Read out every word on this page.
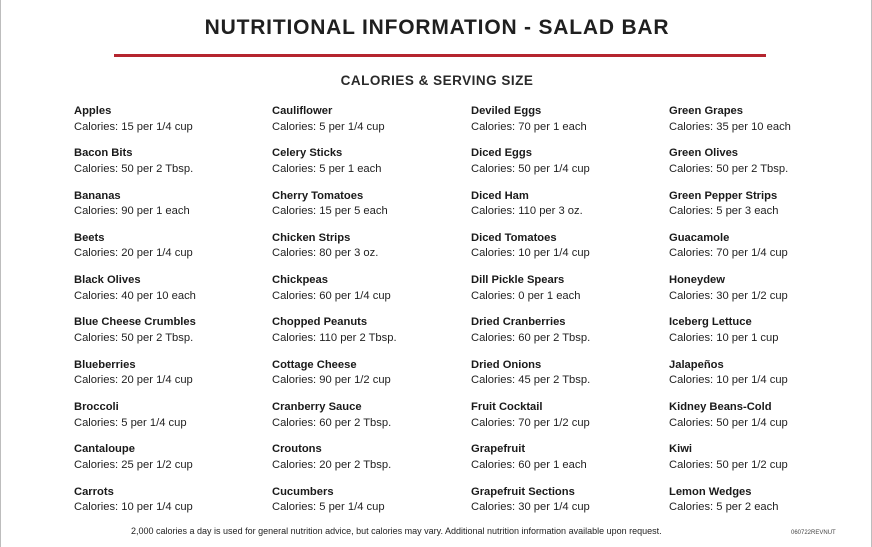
NUTRITIONAL INFORMATION - SALAD BAR
CALORIES & SERVING SIZE
Apples
Calories: 15 per 1/4 cup
Cauliflower
Calories: 5 per 1/4 cup
Deviled Eggs
Calories: 70 per 1 each
Green Grapes
Calories: 35 per 10 each
Bacon Bits
Calories: 50 per 2 Tbsp.
Celery Sticks
Calories: 5 per 1 each
Diced Eggs
Calories: 50 per 1/4 cup
Green Olives
Calories: 50 per 2 Tbsp.
Bananas
Calories: 90 per 1 each
Cherry Tomatoes
Calories: 15 per 5 each
Diced Ham
Calories: 110 per 3 oz.
Green Pepper Strips
Calories: 5 per 3 each
Beets
Calories: 20 per 1/4 cup
Chicken Strips
Calories: 80 per 3 oz.
Diced Tomatoes
Calories: 10 per 1/4 cup
Guacamole
Calories: 70 per 1/4 cup
Black Olives
Calories: 40 per 10 each
Chickpeas
Calories: 60 per 1/4 cup
Dill Pickle Spears
Calories: 0 per 1 each
Honeydew
Calories: 30 per 1/2 cup
Blue Cheese Crumbles
Calories: 50 per 2 Tbsp.
Chopped Peanuts
Calories: 110 per 2 Tbsp.
Dried Cranberries
Calories: 60 per 2 Tbsp.
Iceberg Lettuce
Calories: 10 per 1 cup
Blueberries
Calories: 20 per 1/4 cup
Cottage Cheese
Calories: 90 per 1/2 cup
Dried Onions
Calories: 45 per 2 Tbsp.
Jalapeños
Calories: 10 per 1/4 cup
Broccoli
Calories: 5 per 1/4 cup
Cranberry Sauce
Calories: 60 per 2 Tbsp.
Fruit Cocktail
Calories: 70 per 1/2 cup
Kidney Beans-Cold
Calories: 50 per 1/4 cup
Cantaloupe
Calories: 25 per 1/2 cup
Croutons
Calories: 20 per 2 Tbsp.
Grapefruit
Calories: 60 per 1 each
Kiwi
Calories: 50 per 1/2 cup
Carrots
Calories: 10 per 1/4 cup
Cucumbers
Calories: 5 per 1/4 cup
Grapefruit Sections
Calories: 30 per 1/4 cup
Lemon Wedges
Calories: 5 per 2 each
2,000 calories a day is used for general nutrition advice, but calories may vary. Additional nutrition information available upon request.	060722REVNUT
